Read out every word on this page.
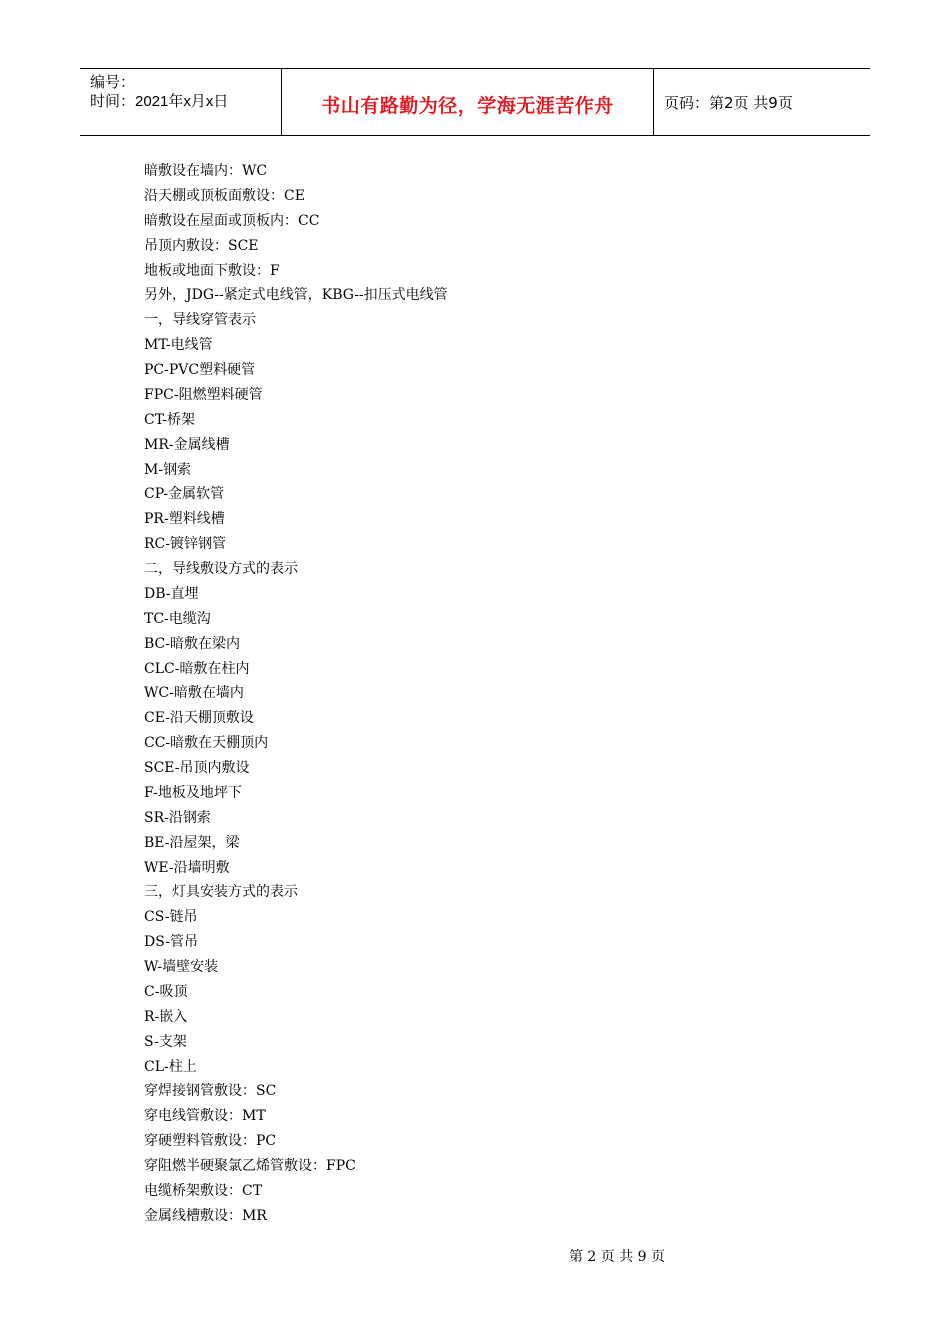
编号：
时间：2021年x月x日	书山有路勤为径，学海无涯苦作舟	页码：第2页 共9页
暗敷设在墙内：WC
沿天棚或顶板面敷设：CE
暗敷设在屋面或顶板内：CC
吊顶内敷设：SCE
地板或地面下敷设：F
另外，JDG--紧定式电线管，KBG--扣压式电线管
一，导线穿管表示
MT-电线管
PC-PVC塑料硬管
FPC-阻燃塑料硬管
CT-桥架
MR-金属线槽
M-钢索
CP-金属软管
PR-塑料线槽
RC-镀锌钢管
二，导线敷设方式的表示
DB-直埋
TC-电缆沟
BC-暗敷在梁内
CLC-暗敷在柱内
WC-暗敷在墙内
CE-沿天棚顶敷设
CC-暗敷在天棚顶内
SCE-吊顶内敷设
F-地板及地坪下
SR-沿钢索
BE-沿屋架，梁
WE-沿墙明敷
三，灯具安装方式的表示
CS-链吊
DS-管吊
W-墙壁安装
C-吸顶
R-嵌入
S-支架
CL-柱上
穿焊接钢管敷设：SC
穿电线管敷设：MT
穿硬塑料管敷设：PC
穿阻燃半硬聚氯乙烯管敷设：FPC
电缆桥架敷设：CT
金属线槽敷设：MR
第 2 页 共 9 页
